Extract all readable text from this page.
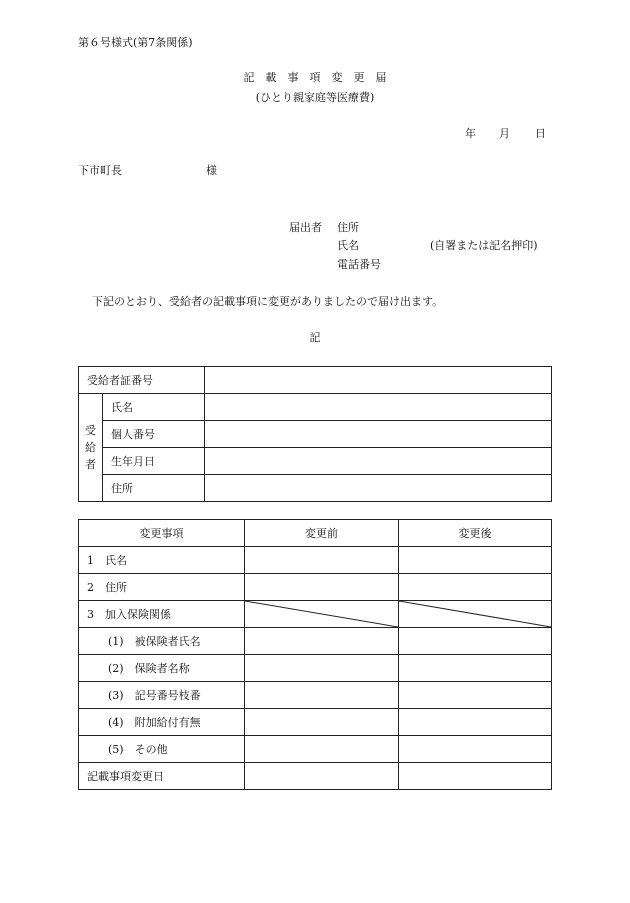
第６号様式(第7条関係)
記　載　事　項　変　更　届
(ひとり親家庭等医療費)
年 月 日
下市町長	様
届出者 住所
氏名	(自署または記名押印)
電話番号
下記のとおり、受給者の記載事項に変更がありましたので届け出ます。
記
受給者証番号		
受
給
者	氏名	
	個人番号	
	生年月日	
	住所	
変更事項	変更前	変更後
1　氏名		
2　住所		
3　加入保険関係	

(1)　被保険者氏名		
(2)　保険者名称		
(3)　記号番号枝番		
(4)　附加給付有無		
(5)　その他		
記載事項変更日		
